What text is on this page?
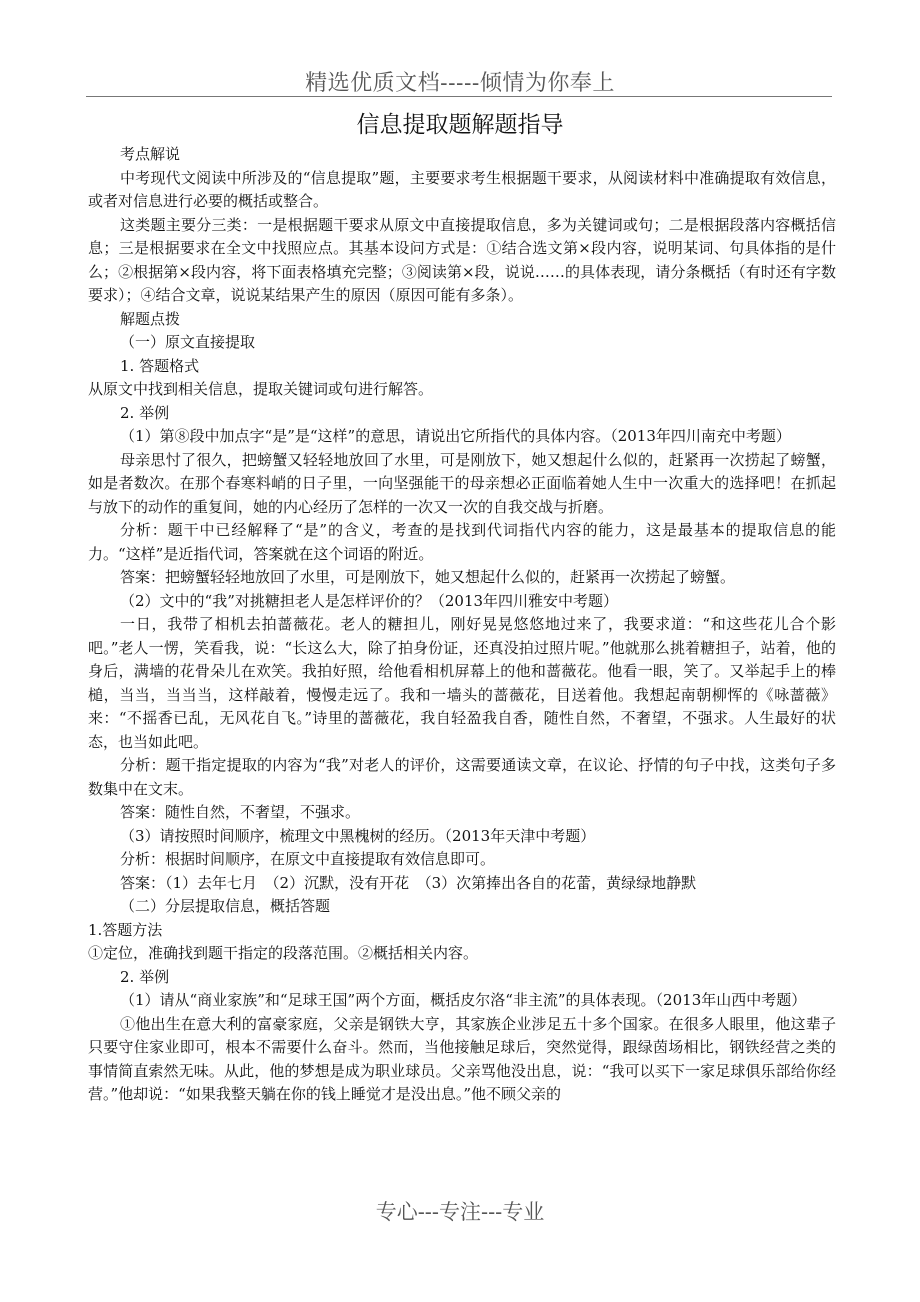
精选优质文档-----倾情为你奉上
信息提取题解题指导

考点解说

中考现代文阅读中所涉及的“信息提取”题，主要要求考生根据题干要求，从阅读材料中准确提取有效信息，或者对信息进行必要的概括或整合。

这类题主要分三类：一是根据题干要求从原文中直接提取信息，多为关键词或句；二是根据段落内容概括信息；三是根据要求在全文中找照应点。其基本设问方式是：①结合选文第×段内容，说明某词、句具体指的是什么；②根据第×段内容，将下面表格填充完整；③阅读第×段，说说……的具体表现，请分条概括（有时还有字数要求）；④结合文章，说说某结果产生的原因（原因可能有多条）。

解题点拨

（一）原文直接提取

1. 答题格式

从原文中找到相关信息，提取关键词或句进行解答。

2. 举例

（1）第⑧段中加点字“是”是“这样”的意思，请说出它所指代的具体内容。（2013年四川南充中考题）

母亲思忖了很久，把螃蟹又轻轻地放回了水里，可是刚放下，她又想起什么似的，赶紧再一次捞起了螃蟹，如是者数次。在那个春寒料峭的日子里，一向坚强能干的母亲想必正面临着她人生中一次重大的选择吧！在抓起与放下的动作的重复间，她的内心经历了怎样的一次又一次的自我交战与折磨。

分析：题干中已经解释了“是”的含义，考查的是找到代词指代内容的能力，这是最基本的提取信息的能力。“这样”是近指代词，答案就在这个词语的附近。

答案：把螃蟹轻轻地放回了水里，可是刚放下，她又想起什么似的，赶紧再一次捞起了螃蟹。

（2）文中的“我”对挑糖担老人是怎样评价的？（2013年四川雅安中考题）

一日，我带了相机去拍蔷薇花。老人的糖担儿，刚好晃晃悠悠地过来了，我要求道：“和这些花儿合个影吧。”老人一愣，笑看我，说：“长这么大，除了拍身份证，还真没拍过照片呢。”他就那么挑着糖担子，站着，他的身后，满墙的花骨朵儿在欢笑。我拍好照，给他看相机屏幕上的他和蔷薇花。他看一眼，笑了。又举起手上的棒槌，当当，当当当，这样敲着，慢慢走远了。我和一墙头的蔷薇花，目送着他。我想起南朝柳恽的《咏蔷薇》来：“不摇香已乱，无风花自飞。”诗里的蔷薇花，我自轻盈我自香，随性自然，不奢望，不强求。人生最好的状态，也当如此吧。

分析：题干指定提取的内容为“我”对老人的评价，这需要通读文章，在议论、抒情的句子中找，这类句子多数集中在文末。

答案：随性自然，不奢望，不强求。

（3）请按照时间顺序，梳理文中黑槐树的经历。（2013年天津中考题）

分析：根据时间顺序，在原文中直接提取有效信息即可。

答案：（1）去年七月　（2）沉默，没有开花　（3）次第捧出各自的花蕾，黄绿绿地静默

（二）分层提取信息，概括答题

1.答题方法

①定位，准确找到题干指定的段落范围。②概括相关内容。

2. 举例

（1）请从“商业家族”和“足球王国”两个方面，概括皮尔洛“非主流”的具体表现。（2013年山西中考题）

①他出生在意大利的富豪家庭，父亲是钢铁大亨，其家族企业涉足五十多个国家。在很多人眼里，他这辈子只要守住家业即可，根本不需要什么奋斗。然而，当他接触足球后，突然觉得，跟绿茵场相比，钢铁经营之类的事情简直索然无味。从此，他的梦想是成为职业球员。父亲骂他没出息，说：“我可以买下一家足球俱乐部给你经营。”他却说：“如果我整天躺在你的钱上睡觉才是没出息。”他不顾父亲的

专心---专注---专业
